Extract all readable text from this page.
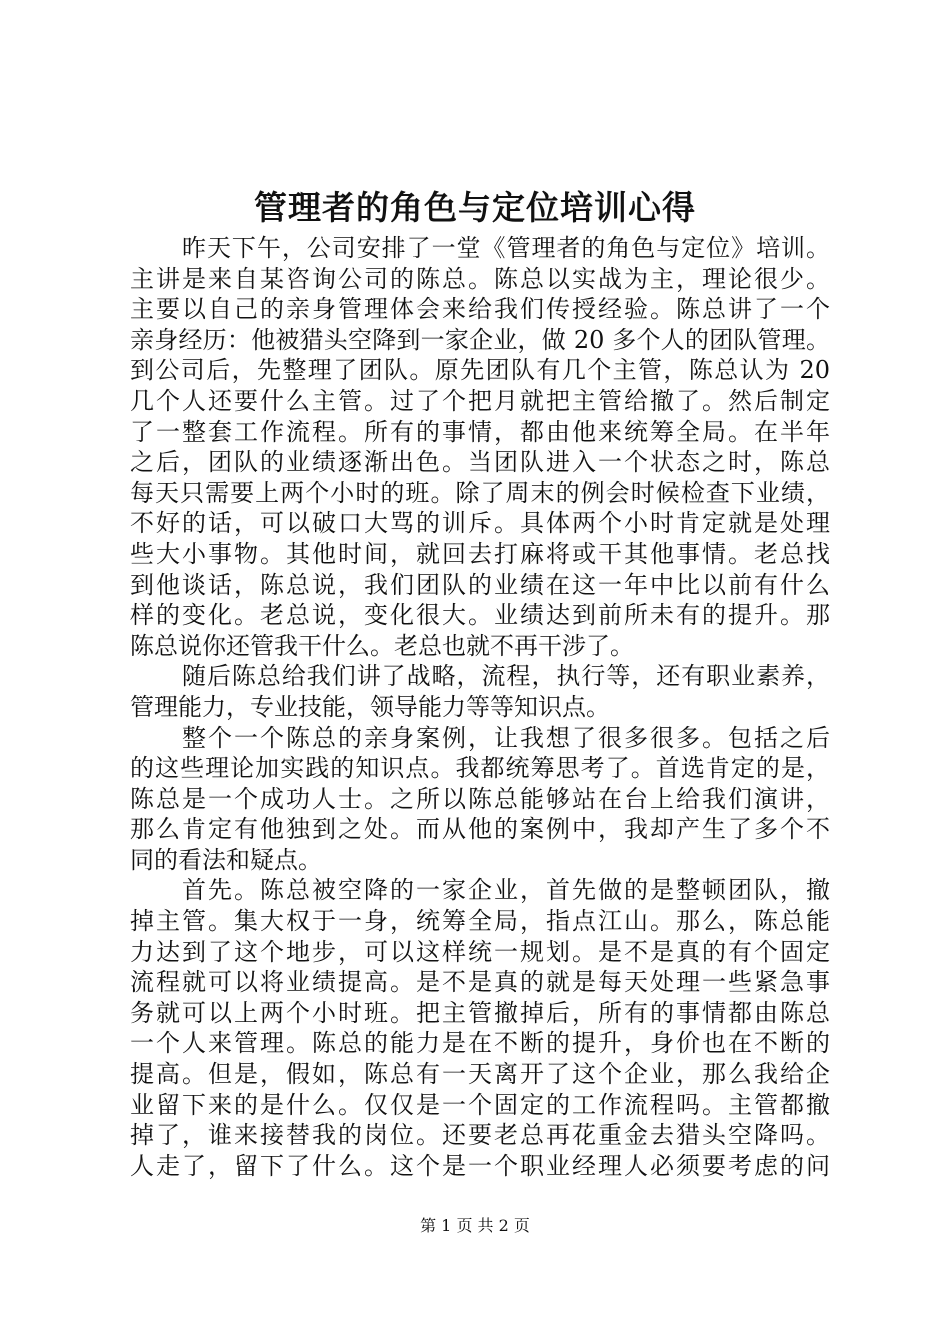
管理者的角色与定位培训心得
昨天下午，公司安排了一堂《管理者的角色与定位》培训。
主讲是来自某咨询公司的陈总。陈总以实战为主，理论很少。
主要以自己的亲身管理体会来给我们传授经验。陈总讲了一个
亲身经历：他被猎头空降到一家企业，做 20 多个人的团队管理。
到公司后，先整理了团队。原先团队有几个主管，陈总认为 20
几个人还要什么主管。过了个把月就把主管给撤了。然后制定
了一整套工作流程。所有的事情，都由他来统筹全局。在半年
之后，团队的业绩逐渐出色。当团队进入一个状态之时，陈总
每天只需要上两个小时的班。除了周末的例会时候检查下业绩，
不好的话，可以破口大骂的训斥。具体两个小时肯定就是处理
些大小事物。其他时间，就回去打麻将或干其他事情。老总找
到他谈话，陈总说，我们团队的业绩在这一年中比以前有什么
样的变化。老总说，变化很大。业绩达到前所未有的提升。那
陈总说你还管我干什么。老总也就不再干涉了。
随后陈总给我们讲了战略，流程，执行等，还有职业素养，
管理能力，专业技能，领导能力等等知识点。
整个一个陈总的亲身案例，让我想了很多很多。包括之后
的这些理论加实践的知识点。我都统筹思考了。首选肯定的是，
陈总是一个成功人士。之所以陈总能够站在台上给我们演讲，
那么肯定有他独到之处。而从他的案例中，我却产生了多个不
同的看法和疑点。
首先。陈总被空降的一家企业，首先做的是整顿团队，撤
掉主管。集大权于一身，统筹全局，指点江山。那么，陈总能
力达到了这个地步，可以这样统一规划。是不是真的有个固定
流程就可以将业绩提高。是不是真的就是每天处理一些紧急事
务就可以上两个小时班。把主管撤掉后，所有的事情都由陈总
一个人来管理。陈总的能力是在不断的提升，身价也在不断的
提高。但是，假如，陈总有一天离开了这个企业，那么我给企
业留下来的是什么。仅仅是一个固定的工作流程吗。主管都撤
掉了，谁来接替我的岗位。还要老总再花重金去猎头空降吗。
人走了，留下了什么。这个是一个职业经理人必须要考虑的问
第 1 页 共 2 页
